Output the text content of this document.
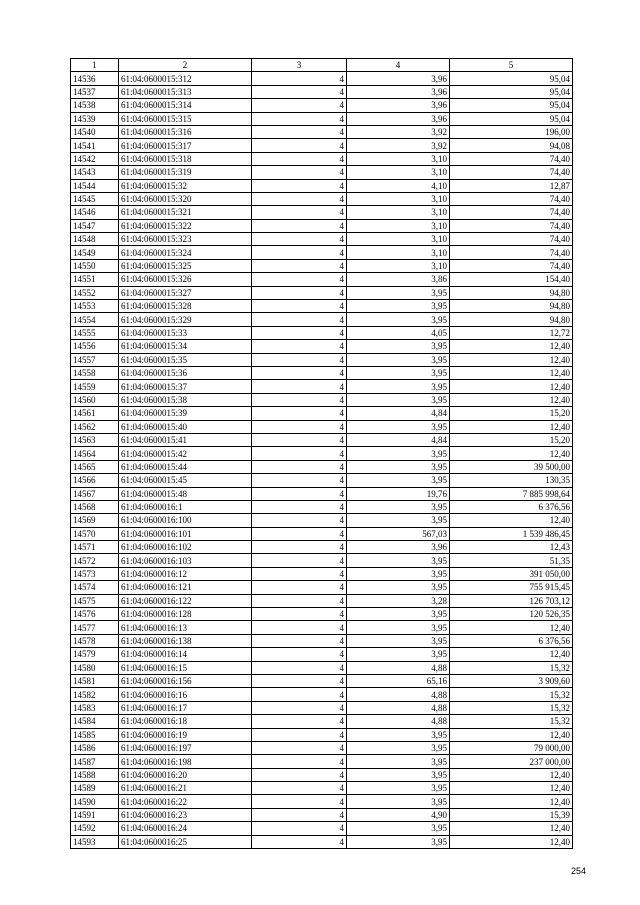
1	2	3	4	5
14536	61:04:0600015:312	4	3,96	95,04
14537	61:04:0600015:313	4	3,96	95,04
14538	61:04:0600015:314	4	3,96	95,04
14539	61:04:0600015:315	4	3,96	95,04
14540	61:04:0600015:316	4	3,92	196,00
14541	61:04:0600015:317	4	3,92	94,08
14542	61:04:0600015:318	4	3,10	74,40
14543	61:04:0600015:319	4	3,10	74,40
14544	61:04:0600015:32	4	4,10	12,87
14545	61:04:0600015:320	4	3,10	74,40
14546	61:04:0600015:321	4	3,10	74,40
14547	61:04:0600015:322	4	3,10	74,40
14548	61:04:0600015:323	4	3,10	74,40
14549	61:04:0600015:324	4	3,10	74,40
14550	61:04:0600015:325	4	3,10	74,40
14551	61:04:0600015:326	4	3,86	154,40
14552	61:04:0600015:327	4	3,95	94,80
14553	61:04:0600015:328	4	3,95	94,80
14554	61:04:0600015:329	4	3,95	94,80
14555	61:04:0600015:33	4	4,05	12,72
14556	61:04:0600015:34	4	3,95	12,40
14557	61:04:0600015:35	4	3,95	12,40
14558	61:04:0600015:36	4	3,95	12,40
14559	61:04:0600015:37	4	3,95	12,40
14560	61:04:0600015:38	4	3,95	12,40
14561	61:04:0600015:39	4	4,84	15,20
14562	61:04:0600015:40	4	3,95	12,40
14563	61:04:0600015:41	4	4,84	15,20
14564	61:04:0600015:42	4	3,95	12,40
14565	61:04:0600015:44	4	3,95	39 500,00
14566	61:04:0600015:45	4	3,95	130,35
14567	61:04:0600015:48	4	19,76	7 885 998,64
14568	61:04:0600016:1	4	3,95	6 376,56
14569	61:04:0600016:100	4	3,95	12,40
14570	61:04:0600016:101	4	567,03	1 539 486,45
14571	61:04:0600016:102	4	3,96	12,43
14572	61:04:0600016:103	4	3,95	51,35
14573	61:04:0600016:12	4	3,95	391 050,00
14574	61:04:0600016:121	4	3,95	755 915,45
14575	61:04:0600016:122	4	3,28	126 703,12
14576	61:04:0600016:128	4	3,95	120 526,35
14577	61:04:0600016:13	4	3,95	12,40
14578	61:04:0600016:138	4	3,95	6 376,56
14579	61:04:0600016:14	4	3,95	12,40
14580	61:04:0600016:15	4	4,88	15,32
14581	61:04:0600016:156	4	65,16	3 909,60
14582	61:04:0600016:16	4	4,88	15,32
14583	61:04:0600016:17	4	4,88	15,32
14584	61:04:0600016:18	4	4,88	15,32
14585	61:04:0600016:19	4	3,95	12,40
14586	61:04:0600016:197	4	3,95	79 000,00
14587	61:04:0600016:198	4	3,95	237 000,00
14588	61:04:0600016:20	4	3,95	12,40
14589	61:04:0600016:21	4	3,95	12,40
14590	61:04:0600016:22	4	3,95	12,40
14591	61:04:0600016:23	4	4,90	15,39
14592	61:04:0600016:24	4	3,95	12,40
14593	61:04:0600016:25	4	3,95	12,40
254
